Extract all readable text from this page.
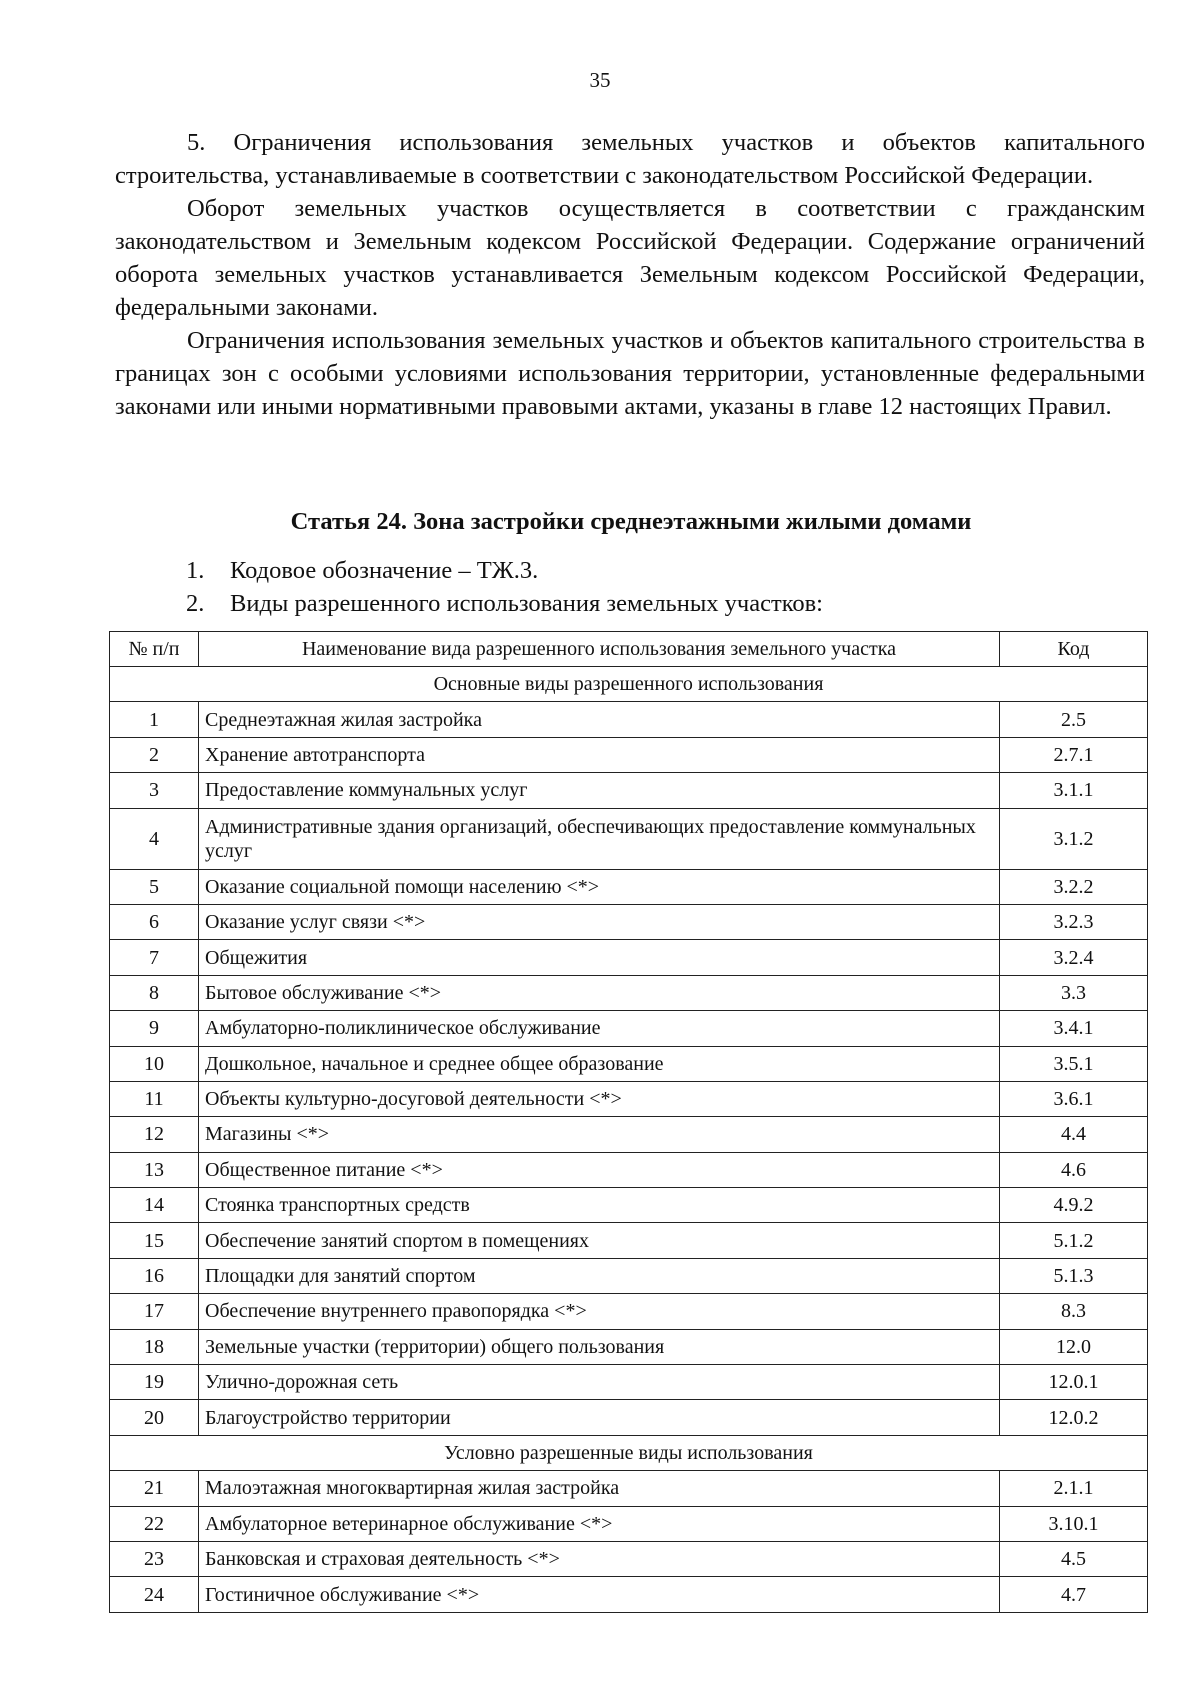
35

5. Ограничения использования земельных участков и объектов капитального строительства, устанавливаемые в соответствии с законодательством Российской Федерации.

Оборот земельных участков осуществляется в соответствии с гражданским законодательством и Земельным кодексом Российской Федерации. Содержание ограничений оборота земельных участков устанавливается Земельным кодексом Российской Федерации, федеральными законами.

Ограничения использования земельных участков и объектов капитального строительства в границах зон с особыми условиями использования территории, установленные федеральными законами или иными нормативными правовыми актами, указаны в главе 12 настоящих Правил.

Статья 24. Зона застройки среднеэтажными жилыми домами
1.	Кодовое обозначение – ТЖ.3.
2.	Виды разрешенного использования земельных участков:
№ п/п	Наименование вида разрешенного использования земельного участка	Код
Основные виды разрешенного использования		
1	Среднеэтажная жилая застройка	2.5
2	Хранение автотранспорта	2.7.1
3	Предоставление коммунальных услуг	3.1.1
4	Административные здания организаций, обеспечивающих предоставление коммунальных услуг	3.1.2
5	Оказание социальной помощи населению <*>	3.2.2
6	Оказание услуг связи <*>	3.2.3
7	Общежития	3.2.4
8	Бытовое обслуживание <*>	3.3
9	Амбулаторно-поликлиническое обслуживание	3.4.1
10	Дошкольное, начальное и среднее общее образование	3.5.1
11	Объекты культурно-досуговой деятельности <*>	3.6.1
12	Магазины <*>	4.4
13	Общественное питание <*>	4.6
14	Стоянка транспортных средств	4.9.2
15	Обеспечение занятий спортом в помещениях	5.1.2
16	Площадки для занятий спортом	5.1.3
17	Обеспечение внутреннего правопорядка <*>	8.3
18	Земельные участки (территории) общего пользования	12.0
19	Улично-дорожная сеть	12.0.1
20	Благоустройство территории	12.0.2
Условно разрешенные виды использования		
21	Малоэтажная многоквартирная жилая застройка	2.1.1
22	Амбулаторное ветеринарное обслуживание <*>	3.10.1
23	Банковская и страховая деятельность <*>	4.5
24	Гостиничное обслуживание <*>	4.7
